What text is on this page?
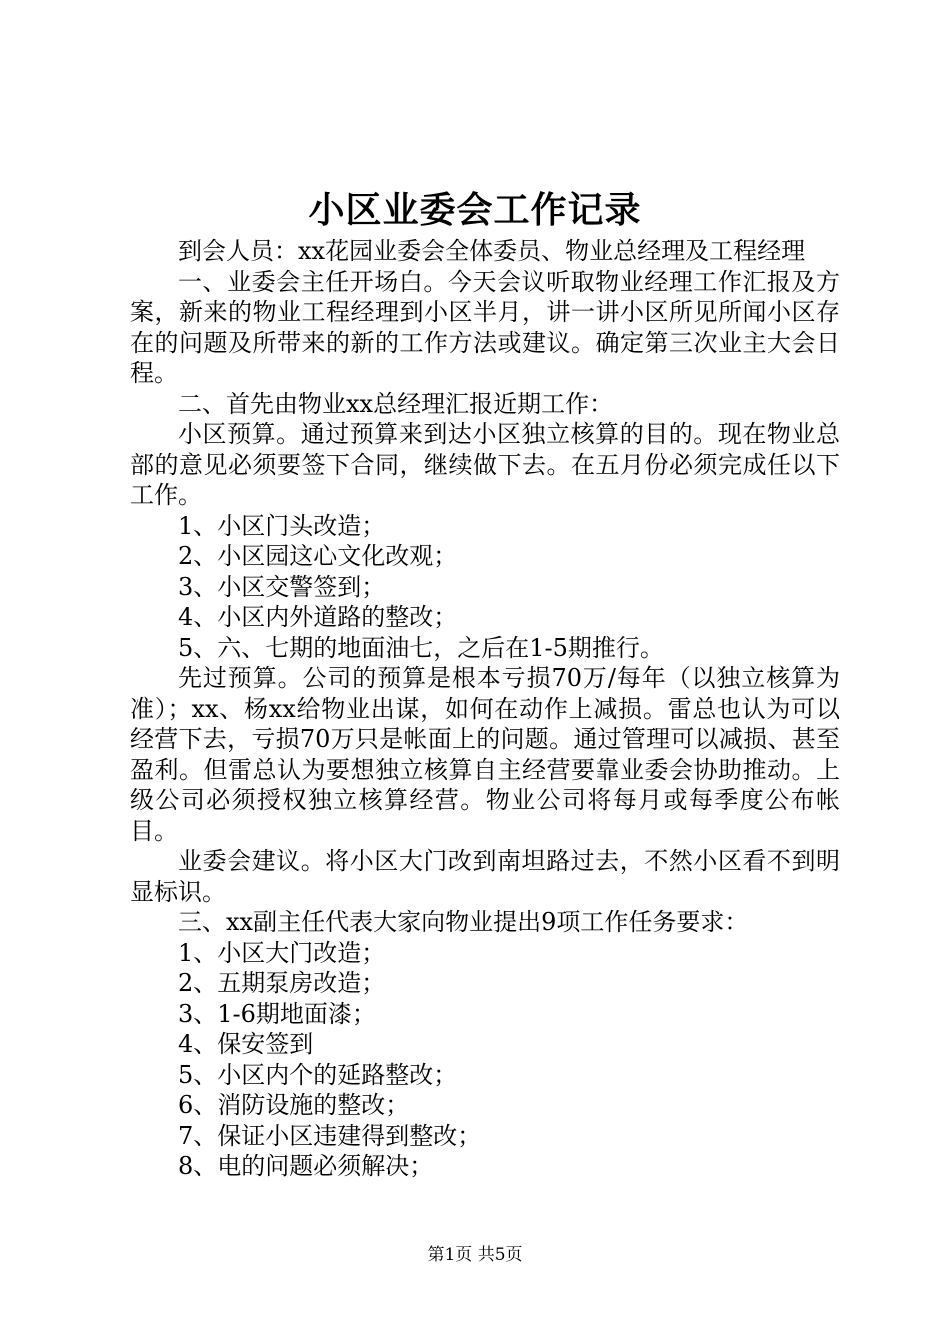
小区业委会工作记录

到会人员：xx花园业委会全体委员、物业总经理及工程经理

一、业委会主任开场白。今天会议听取物业经理工作汇报及方案，新来的物业工程经理到小区半月，讲一讲小区所见所闻小区存在的问题及所带来的新的工作方法或建议。确定第三次业主大会日程。

二、首先由物业xx总经理汇报近期工作：

小区预算。通过预算来到达小区独立核算的目的。现在物业总部的意见必须要签下合同，继续做下去。在五月份必须完成任以下工作。

1、小区门头改造；

2、小区园这心文化改观；

3、小区交警签到；

4、小区内外道路的整改；

5、六、七期的地面油七，之后在1-5期推行。

先过预算。公司的预算是根本亏损70万/每年（以独立核算为准）；xx、杨xx给物业出谋，如何在动作上减损。雷总也认为可以经营下去，亏损70万只是帐面上的问题。通过管理可以减损、甚至盈利。但雷总认为要想独立核算自主经营要靠业委会协助推动。上级公司必须授权独立核算经营。物业公司将每月或每季度公布帐目。

业委会建议。将小区大门改到南坦路过去，不然小区看不到明显标识。

三、xx副主任代表大家向物业提出9项工作任务要求：

1、小区大门改造；

2、五期泵房改造；

3、1-6期地面漆；

4、保安签到

5、小区内个的延路整改；

6、消防设施的整改；

7、保证小区违建得到整改；

8、电的问题必须解决；

第1页 共5页
